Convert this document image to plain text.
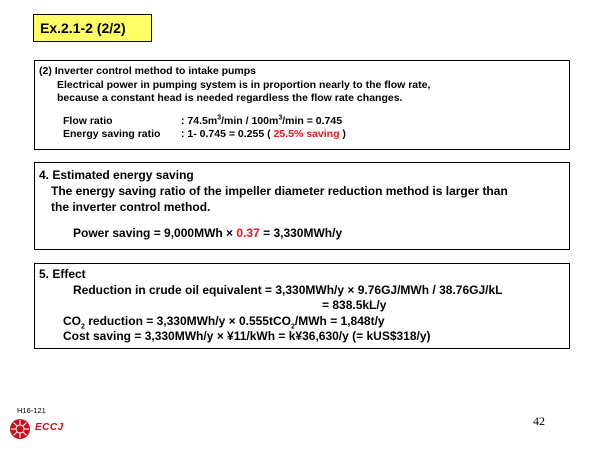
Ex.2.1-2 (2/2)
(2) Inverter control method to intake pumps
Electrical power in pumping system is in proportion nearly to the flow rate,
because a constant head is needed regardless the flow rate changes.
Flow ratio	: $74.5m^3/\min / 100m^3/\min = 0.745$
Energy saving ratio : 1- 0.745 = 0.255 ( 25.5% saving )
4. Estimated energy saving
The energy saving ratio of the impeller diameter reduction method is larger than
the inverter control method.
Power saving = 9,000MWh × 0.37 = 3,330MWh/y
5. Effect
Reduction in crude oil equivalent = 3,330MWh/y × 9.76GJ/MWh / 38.76GJ/kL
= 838.5kL/y
$CO_2$ reduction = 3,330MWh/y × 0.555tCO$_2$/MWh = 1,848t/y
Cost saving = 3,330MWh/y × ¥11/kWh = k¥36,630/y (= kUS$318/y)
H16-121
ECCJ	42
